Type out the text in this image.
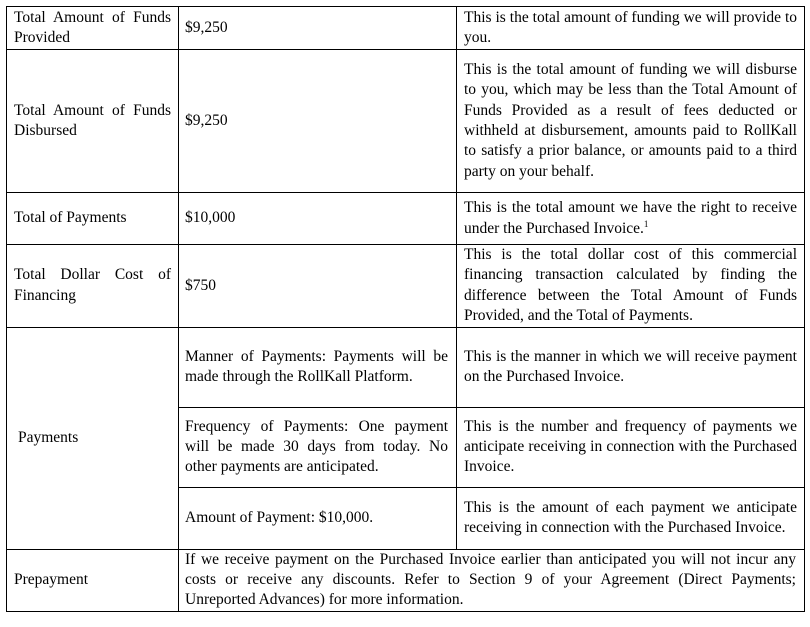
Total Amount of Funds Provided	$9,250	This is the total amount of funding we will provide to you.
Total Amount of Funds Disbursed	$9,250	This is the total amount of funding we will disburse to you, which may be less than the Total Amount of Funds Provided as a result of fees deducted or withheld at disbursement, amounts paid to RollKall to satisfy a prior balance, or amounts paid to a third party on your behalf.
Total of Payments	$10,000	This is the total amount we have the right to receive under the Purchased Invoice.$^1$
Total Dollar Cost of Financing	$750	This is the total dollar cost of this commercial financing transaction calculated by finding the difference between the Total Amount of Funds Provided, and the Total of Payments.
Payments	Manner of Payments: Payments will be made through the RollKall Platform.	This is the manner in which we will receive payment on the Purchased Invoice.
	Frequency of Payments: One payment will be made 30 days from today. No other payments are anticipated.	This is the number and frequency of payments we anticipate receiving in connection with the Purchased Invoice.
	Amount of Payment: $10,000.	This is the amount of each payment we anticipate receiving in connection with the Purchased Invoice.
Prepayment	If we receive payment on the Purchased Invoice earlier than anticipated you will not incur any costs or receive any discounts. Refer to Section 9 of your Agreement (Direct Payments; Unreported Advances) for more information.	
